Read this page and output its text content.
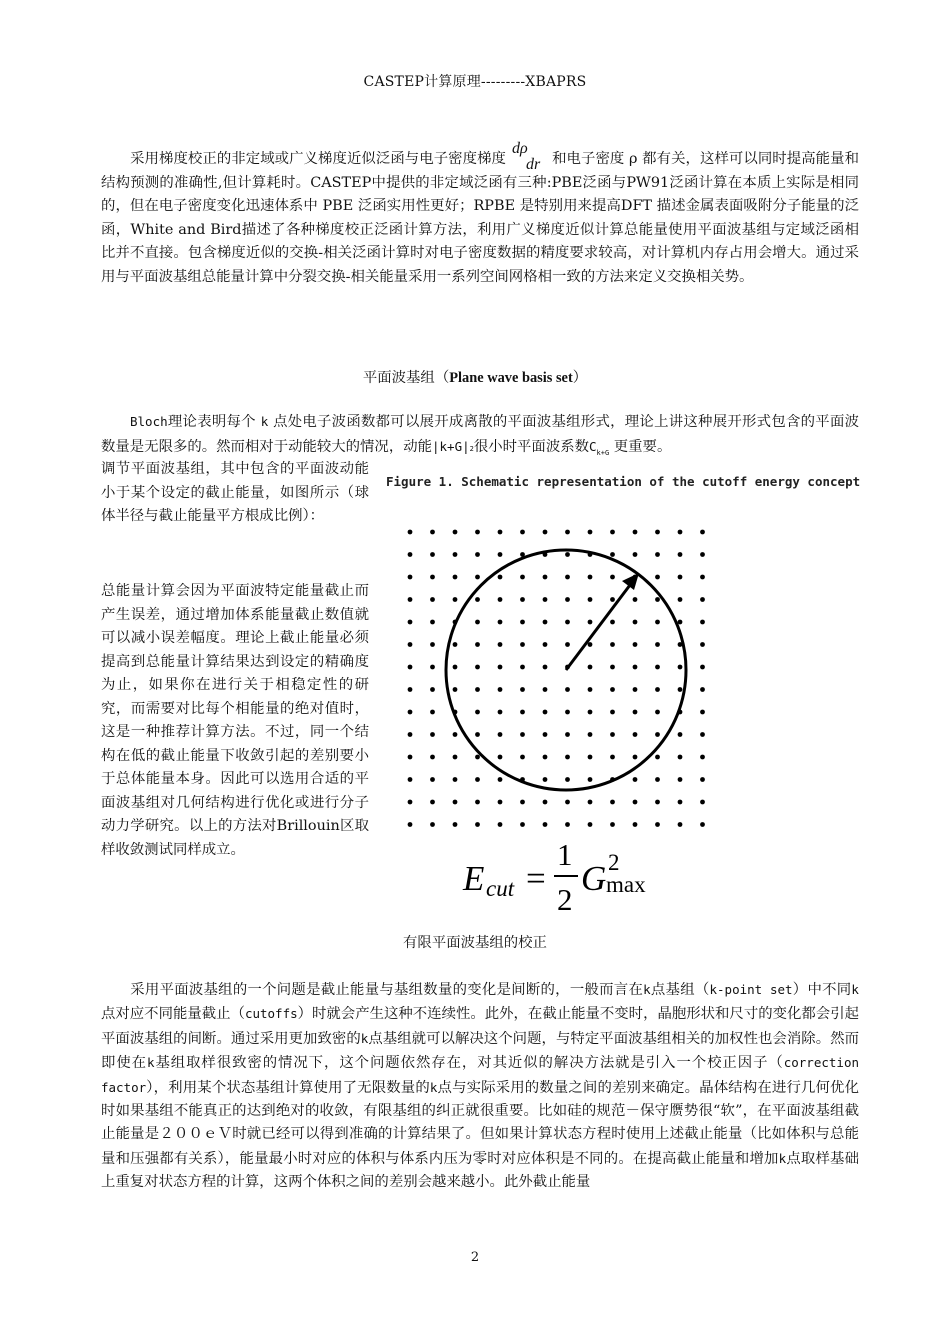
CASTEP计算原理---------XBAPRS

采用梯度校正的非定域或广义梯度近似泛函与电子密度梯度
dρ
dr 和电子密度 ρ 都有关，这样可以同时提高能量和结构预测的准确性,但计算耗时。CASTEP中提供的非定域泛函有三种:PBE泛函与PW91泛函计算在本质上实际是相同的，但在电子密度变化迅速体系中 PBE 泛函实用性更好；RPBE 是特别用来提高DFT 描述金属表面吸附分子能量的泛函，White and Bird描述了各种梯度校正泛函计算方法，利用广义梯度近似计算总能量使用平面波基组与定域泛函相比并不直接。包含梯度近似的交换-相关泛函计算时对电子密度数据的精度要求较高，对计算机内存占用会增大。通过采用与平面波基组总能量计算中分裂交换-相关能量采用一系列空间网格相一致的方法来定义交换相关势。

平面波基组（Plane wave basis set）

Bloch理论表明每个 k 点处电子波函数都可以展开成离散的平面波基组形式，理论上讲这种展开形式包含的平面波数量是无限多的。然而相对于动能较大的情况，动能|k+G|2很小时平面波系数$C_{k+G}$ 更重要。

调节平面波基组，其中包含的平面波动能小于某个设定的截止能量，如图所示（球体半径与截止能量平方根成比例）：

总能量计算会因为平面波特定能量截止而产生误差，通过增加体系能量截止数值就可以减小误差幅度。理论上截止能量必须提高到总能量计算结果达到设定的精确度为止，如果你在进行关于相稳定性的研究，而需要对比每个相能量的绝对值时，这是一种推荐计算方法。不过，同一个结构在低的截止能量下收敛引起的差别要小于总体能量本身。因此可以选用合适的平面波基组对几何结构进行优化或进行分子动力学研究。以上的方法对Brillouin区取样收敛测试同样成立。

Figure 1. Schematic representation of the cutoff energy concept
E cut =
1
2
G 2
max
有限平面波基组的校正

采用平面波基组的一个问题是截止能量与基组数量的变化是间断的，一般而言在k点基组（k-point set）中不同k点对应不同能量截止（cutoffs）时就会产生这种不连续性。此外，在截止能量不变时，晶胞形状和尺寸的变化都会引起平面波基组的间断。通过采用更加致密的k点基组就可以解决这个问题，与特定平面波基组相关的加权性也会消除。然而即使在k基组取样很致密的情况下，这个问题依然存在，对其近似的解决方法就是引入一个校正因子（correction factor），利用某个状态基组计算使用了无限数量的k点与实际采用的数量之间的差别来确定。晶体结构在进行几何优化时如果基组不能真正的达到绝对的收敛，有限基组的纠正就很重要。比如硅的规范－保守赝势很“软”，在平面波基组截止能量是２００ｅＶ时就已经可以得到准确的计算结果了。但如果计算状态方程时使用上述截止能量（比如体积与总能量和压强都有关系），能量最小时对应的体积与体系内压为零时对应体积是不同的。在提高截止能量和增加k点取样基础上重复对状态方程的计算，这两个体积之间的差别会越来越小。此外截止能量

2
